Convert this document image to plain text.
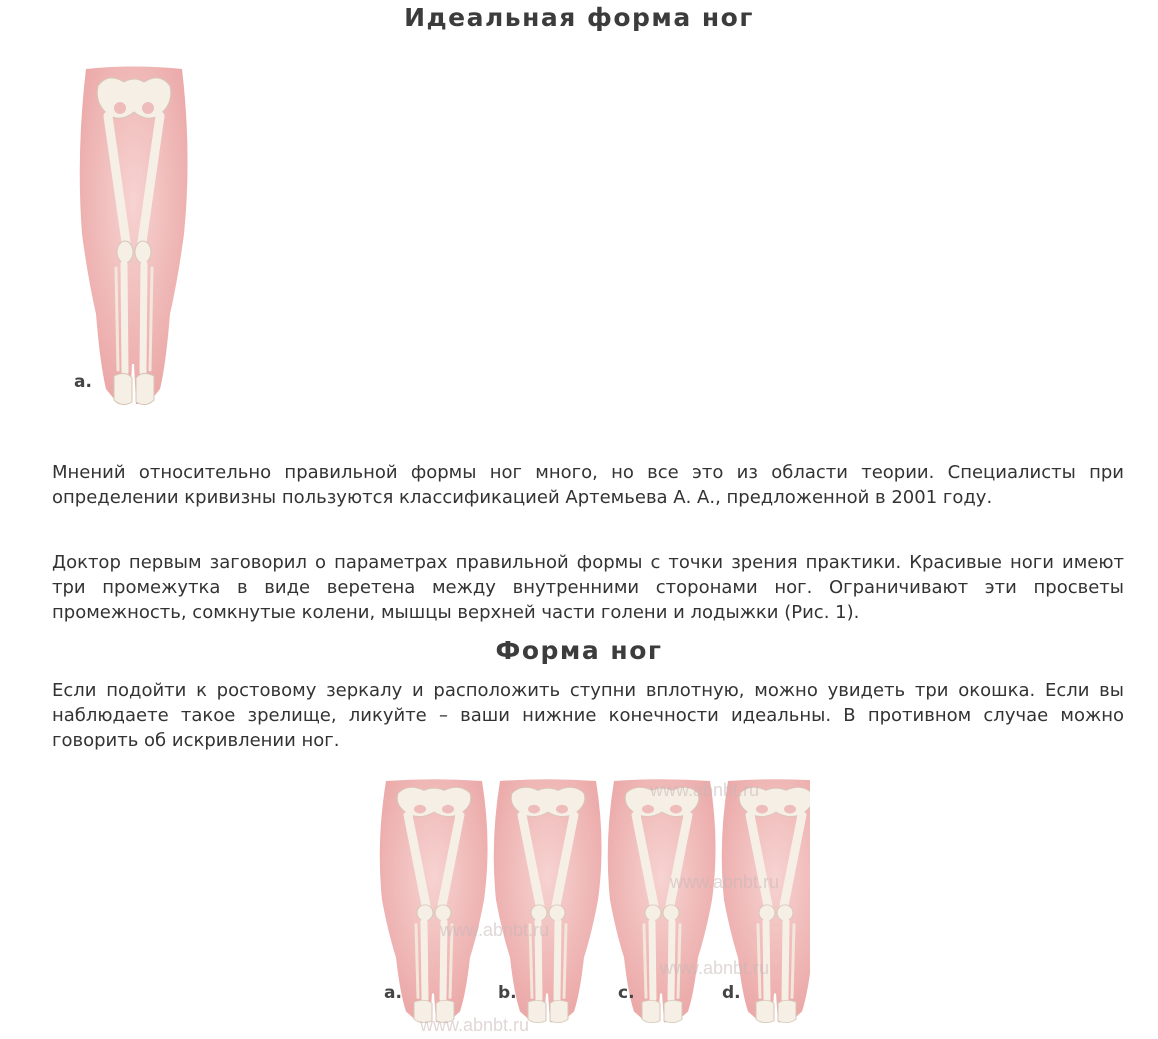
Идеальная форма ног
a.

Мнений относительно правильной формы ног много, но все это из области теории. Специалисты при определении кривизны пользуются классификацией Артемьева А. А., предложенной в 2001 году.

Доктор первым заговорил о параметрах правильной формы с точки зрения практики. Красивые ноги имеют три промежутка в виде веретена между внутренними сторонами ног. Ограничивают эти просветы промежность, сомкнутые колени, мышцы верхней части голени и лодыжки (Рис. 1).

Форма ног

Если подойти к ростовому зеркалу и расположить ступни вплотную, можно увидеть три окошка. Если вы наблюдаете такое зрелище, ликуйте – ваши нижние конечности идеальны. В противном случае можно говорить об искривлении ног.

www.abnbt.ru
www.abnbt.ru
www.abnbt.ru
www.abnbt.ru
www.abnbt.ru
a.	b.	c.	d.
